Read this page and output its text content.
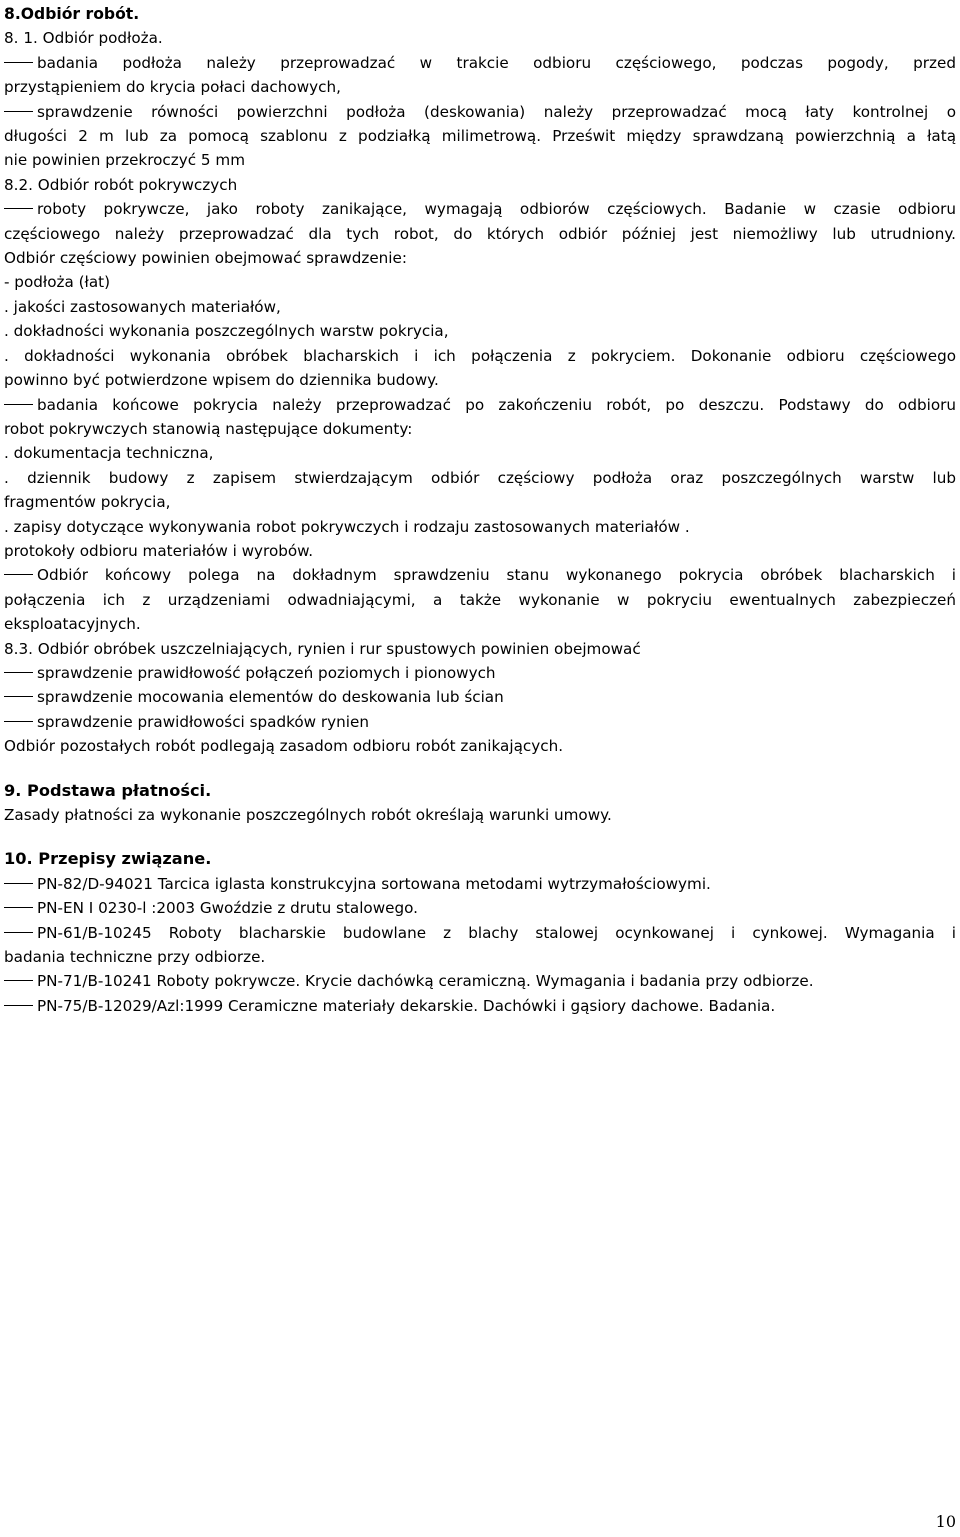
8.Odbiór robót.
8. 1. Odbiór podłoża.
badania podłoża należy przeprowadzać w trakcie odbioru częściowego, podczas pogody, przed
przystąpieniem do krycia połaci dachowych,
sprawdzenie równości powierzchni podłoża (deskowania) należy przeprowadzać mocą łaty kontrolnej o
długości 2 m lub za pomocą szablonu z podziałką milimetrową. Prześwit między sprawdzaną powierzchnią a łatą
nie powinien przekroczyć 5 mm
8.2. Odbiór robót pokrywczych
roboty pokrywcze, jako roboty zanikające, wymagają odbiorów częściowych. Badanie w czasie odbioru
częściowego należy przeprowadzać dla tych robot, do których odbiór później jest niemożliwy lub utrudniony.
Odbiór częściowy powinien obejmować sprawdzenie:
- podłoża (łat)
. jakości zastosowanych materiałów,
. dokładności wykonania poszczególnych warstw pokrycia,
. dokładności wykonania obróbek blacharskich i ich połączenia z pokryciem. Dokonanie odbioru częściowego
powinno być potwierdzone wpisem do dziennika budowy.
badania końcowe pokrycia należy przeprowadzać po zakończeniu robót, po deszczu. Podstawy do odbioru
robot pokrywczych stanowią następujące dokumenty:
. dokumentacja techniczna,
. dziennik budowy z zapisem stwierdzającym odbiór częściowy podłoża oraz poszczególnych warstw lub
fragmentów pokrycia,
. zapisy dotyczące wykonywania robot pokrywczych i rodzaju zastosowanych materiałów .
protokoły odbioru materiałów i wyrobów.
Odbiór końcowy polega na dokładnym sprawdzeniu stanu wykonanego pokrycia obróbek blacharskich i
połączenia ich z urządzeniami odwadniającymi, a także wykonanie w pokryciu ewentualnych zabezpieczeń
eksploatacyjnych.
8.3. Odbiór obróbek uszczelniających, rynien i rur spustowych powinien obejmować
sprawdzenie prawidłowość połączeń poziomych i pionowych
sprawdzenie mocowania elementów do deskowania lub ścian
sprawdzenie prawidłowości spadków rynien
Odbiór pozostałych robót podlegają zasadom odbioru robót zanikających.
9. Podstawa płatności.
Zasady płatności za wykonanie poszczególnych robót określają warunki umowy.
10. Przepisy związane.
PN-82/D-94021 Tarcica iglasta konstrukcyjna sortowana metodami wytrzymałościowymi.
PN-EN I 0230-l :2003 Gwoździe z drutu stalowego.
PN-61/B-10245 Roboty blacharskie budowlane z blachy stalowej ocynkowanej i cynkowej. Wymagania i
badania techniczne przy odbiorze.
PN-71/B-10241 Roboty pokrywcze. Krycie dachówką ceramiczną. Wymagania i badania przy odbiorze.
PN-75/B-12029/Azl:1999 Ceramiczne materiały dekarskie. Dachówki i gąsiory dachowe. Badania.
10
